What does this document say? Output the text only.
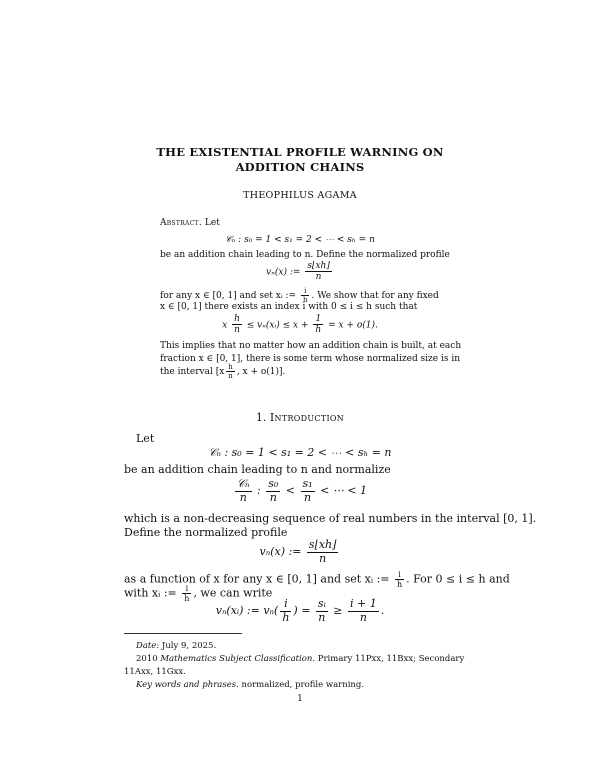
THE EXISTENTIAL PROFILE WARNING ON
ADDITION CHAINS
THEOPHILUS AGAMA
Abstract. Let
𝒞ₙ : s₀ = 1 < s₁ = 2 < ⋯ < sₕ = n
be an addition chain leading to n. Define the normalized profile
vₙ(x) := $\frac{s⌊xh⌋}{n}$
for any x ∈ [0, 1] and set xᵢ := $\frac{i}{h}$ . We show that for any fixed
x ∈ [0, 1] there exists an index i with 0 ≤ i ≤ h such that
x $\frac{h}{n}$ ≤ vₙ(xᵢ) ≤ $x + \frac{1}{h} = x + o(1)$.
This implies that no matter how an addition chain is built, at each
fraction x ∈ [0, 1], there is some term whose normalized size is in
the interval [$x \frac{h}{n}$ , x + o(1)].
1. Introduction
Let
𝒞ₙ : s₀ = 1 < s₁ = 2 < ⋯ < sₕ = n
be an addition chain leading to n and normalize
$\frac{\text{𝒞ₙ}}{n}$ : $\frac{\text{s₀}}{n} < \frac{\text{s₁}}{n}$ < ⋯ < 1
which is a non-decreasing sequence of real numbers in the interval [0, 1].
Define the normalized profile
vₙ(x) := $\frac{s⌊xh⌋}{n}$
as a function of x for any x ∈ [0, 1] and set xᵢ := $\frac{i}{h}$ . For 0 ≤ i ≤ h and
with xᵢ := $\frac{i}{h}$ , we can write
vₙ(xᵢ) := $v_n( \frac{i}{h}$ ) = $\frac{\text{sᵢ}}{n} \ge \frac{i + 1}{n}$ .
Date: July 9, 2025.
2010 Mathematics Subject Classification. Primary 11Pxx, 11Bxx; Secondary
11Axx, 11Gxx.
Key words and phrases. normalized, profile warning.
1
